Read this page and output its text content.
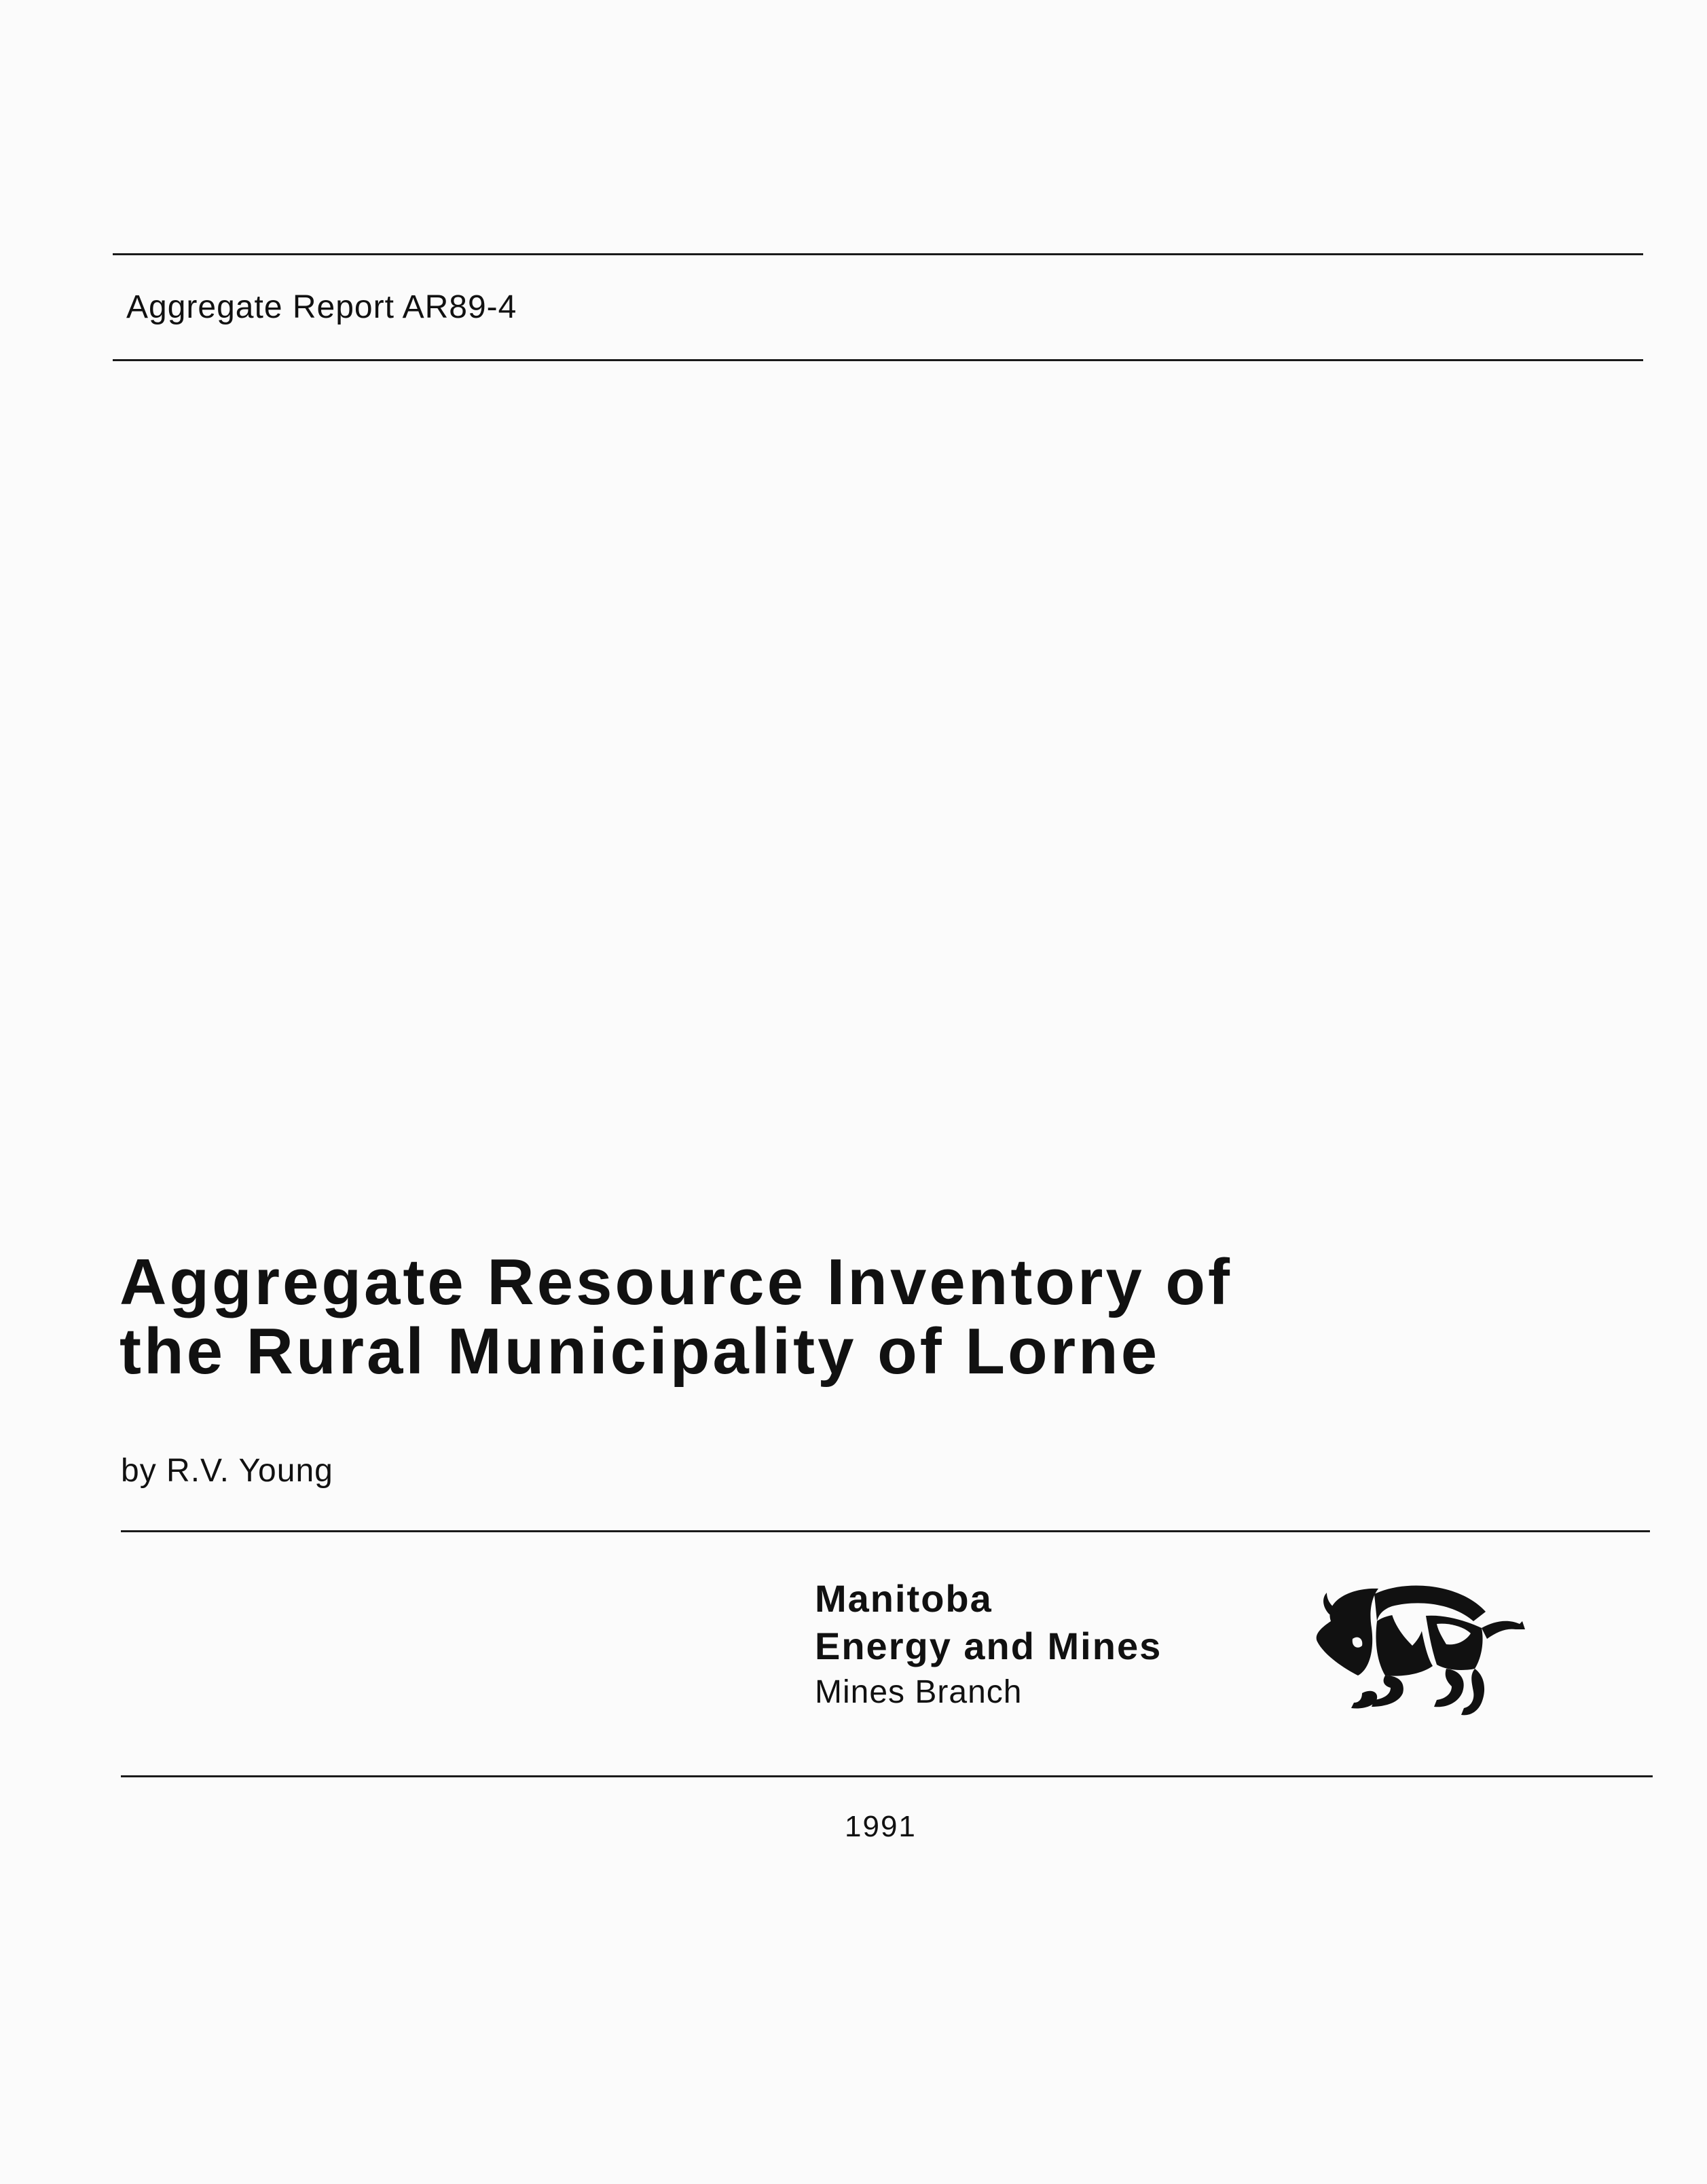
Aggregate Report AR89-4
Aggregate Resource Inventory of
the Rural Municipality of Lorne
by R.V. Young
Manitoba
Energy and Mines
Mines Branch
1991
